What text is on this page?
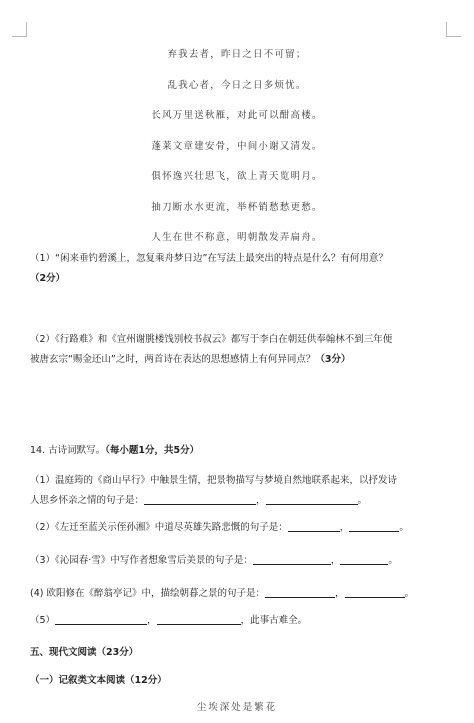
弃我去者，昨日之日不可留；
乱我心者，今日之日多烦忧。
长风万里送秋雁，对此可以酣高楼。
蓬莱文章建安骨，中间小谢又清发。
俱怀逸兴壮思飞，欲上青天览明月。
抽刀断水水更流，举杯销愁愁更愁。
人生在世不称意，明朝散发弄扁舟。
（1）“闲来垂钓碧溪上，忽复乘舟梦日边”在写法上最突出的特点是什么？有何用意？
（2分）
（2）《行路难》和《宣州谢朓楼饯别校书叔云》都写于李白在朝廷供奉翰林不到三年便
被唐玄宗“赐金还山”之时，两首诗在表达的思想感情上有何异同点？（3分）
14. 古诗词默写。（每小题1分，共5分）
（1）温庭筠的《商山早行》中触景生情，把景物描写与梦境自然地联系起来，以抒发诗
人思乡怀亲之情的句子是：	，	。
（2）《左迁至蓝关示侄孙湘》中道尽英雄失路悲慨的句子是：	，	。
（3）《沁园春·雪》中写作者想象雪后美景的句子是：	，	。
(4) 欧阳修在《醉翁亭记》中，描绘朝暮之景的句子是：	，	。
（5）	，	，此事古难全。
五、现代文阅读（23分）
（一）记叙类文本阅读（12分）
尘埃深处是繁花
